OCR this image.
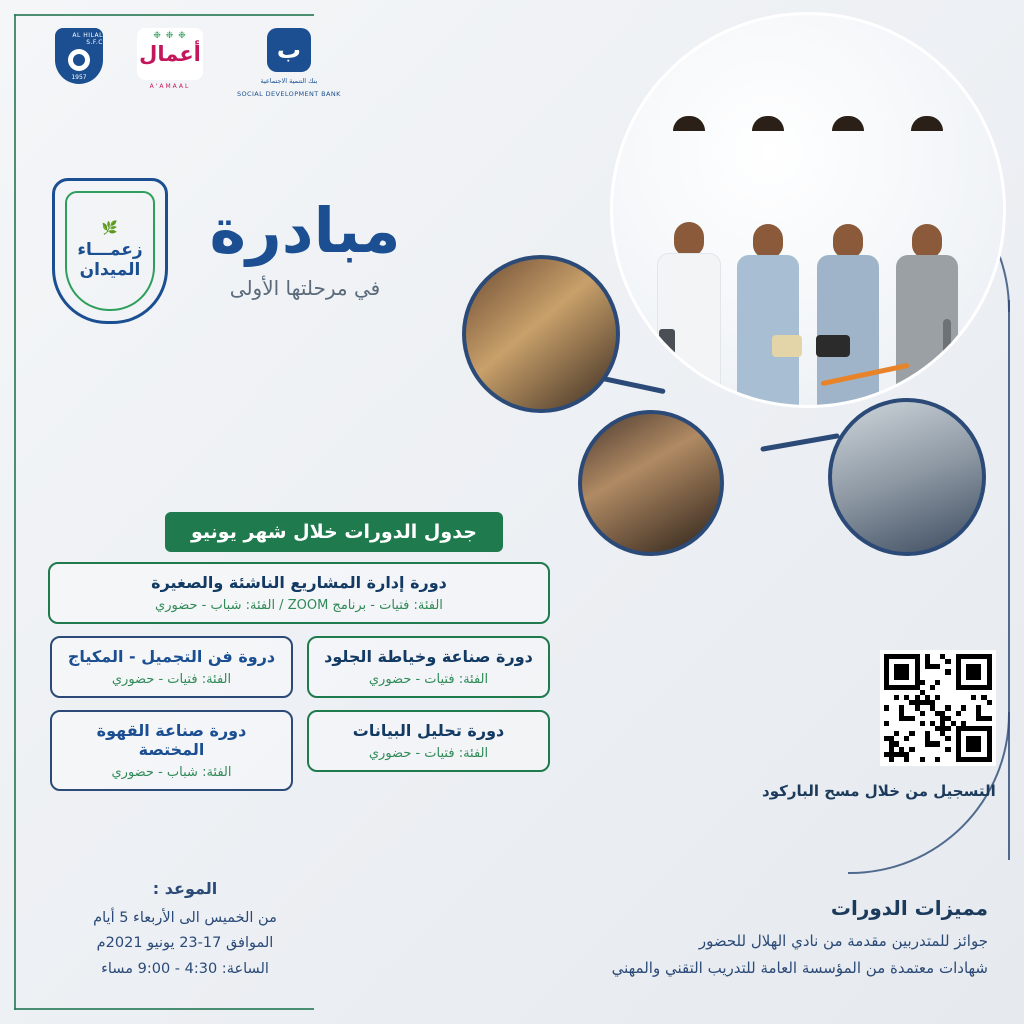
ب
بنك التنمية الاجتماعية
SOCIAL DEVELOPMENT BANK
❉ ❉ ❉
أعمال
A'AMAAL
AL HILAL S.F.C
1957
🌿
زعمـــاء
الميدان
مبادرة
في مرحلتها الأولى
جدول الدورات خلال شهر يونيو
دورة إدارة المشاريع الناشئة والصغيرة
الفئة: فتيات - برنامج ZOOM / الفئة: شباب - حضوري
دورة صناعة وخياطة الجلود
الفئة: فتيات - حضوري
دروة فن التجميل - المكياج
الفئة: فتيات - حضوري
دورة تحليل البيانات
الفئة: فتيات - حضوري
دورة صناعة القهوة المختصة
الفئة: شباب - حضوري
التسجيل من خلال مسح الباركود
الموعد :
من الخميس الى الأربعاء 5 أيام
الموافق 17-23 يونيو 2021م
الساعة: 4:30 - 9:00 مساء
مميزات الدورات
جوائز للمتدربين مقدمة من نادي الهلال للحضور
شهادات معتمدة من المؤسسة العامة للتدريب التقني والمهني
